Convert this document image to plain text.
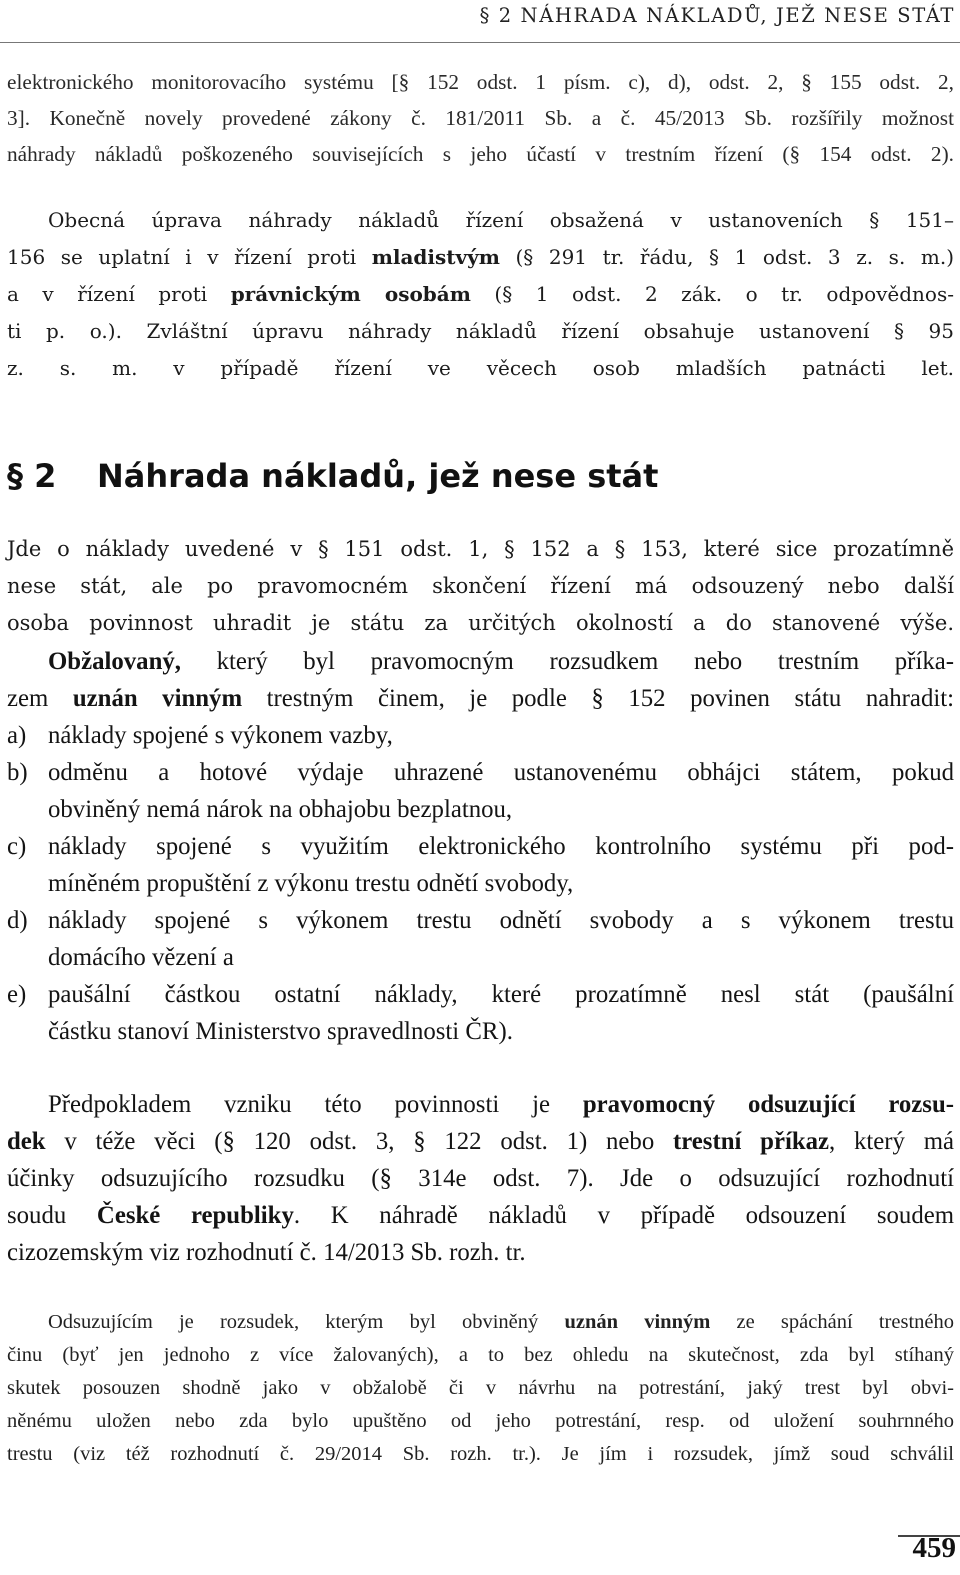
§ 2 NÁHRADA NÁKLADŮ, JEŽ NESE STÁT

elektronického monitorovacího systému [§ 152 odst. 1 písm. c), d), odst. 2, § 155 odst. 2,
3]. Konečně novely provedené zákony č. 181/2011 Sb. a č. 45/2013 Sb. rozšířily možnost
náhrady nákladů poškozeného souvisejících s jeho účastí v trestním řízení (§ 154 odst. 2).

Obecná úprava náhrady nákladů řízení obsažená v ustanoveních § 151–
156 se uplatní i v řízení proti mladistvým (§ 291 tr. řádu, § 1 odst. 3 z. s. m.)
a v řízení proti právnickým osobám (§ 1 odst. 2 zák. o tr. odpovědnos-
ti p. o.). Zvláštní úpravu náhrady nákladů řízení obsahuje ustanovení § 95
z. s. m. v případě řízení ve věcech osob mladších patnácti let.

§ 2 Náhrada nákladů, jež nese stát

Jde o náklady uvedené v § 151 odst. 1, § 152 a § 153, které sice prozatímně
nese stát, ale po pravomocném skončení řízení má odsouzený nebo další
osoba povinnost uhradit je státu za určitých okolností a do stanovené výše.

Obžalovaný, který byl pravomocným rozsudkem nebo trestním příka-
zem uznán vinným trestným činem, je podle § 152 povinen státu nahradit:
a) náklady spojené s výkonem vazby,
b) odměnu a hotové výdaje uhrazené ustanovenému obhájci státem, pokud
obviněný nemá nárok na obhajobu bezplatnou,
c) náklady spojené s využitím elektronického kontrolního systému při pod-
míněném propuštění z výkonu trestu odnětí svobody,
d) náklady spojené s výkonem trestu odnětí svobody a s výkonem trestu
domácího vězení a
e) paušální částkou ostatní náklady, které prozatímně nesl stát (paušální
částku stanoví Ministerstvo spravedlnosti ČR).

Předpokladem vzniku této povinnosti je pravomocný odsuzující rozsu-
dek v téže věci (§ 120 odst. 3, § 122 odst. 1) nebo trestní příkaz, který má
účinky odsuzujícího rozsudku (§ 314e odst. 7). Jde o odsuzující rozhodnutí
soudu České republiky. K náhradě nákladů v případě odsouzení soudem
cizozemským viz rozhodnutí č. 14/2013 Sb. rozh. tr.

Odsuzujícím je rozsudek, kterým byl obviněný uznán vinným ze spáchání trestného
činu (byť jen jednoho z více žalovaných), a to bez ohledu na skutečnost, zda byl stíhaný
skutek posouzen shodně jako v obžalobě či v návrhu na potrestání, jaký trest byl obvi-
něnému uložen nebo zda bylo upuštěno od jeho potrestání, resp. od uložení souhrnného
trestu (viz též rozhodnutí č. 29/2014 Sb. rozh. tr.). Je jím i rozsudek, jímž soud schválil

459
